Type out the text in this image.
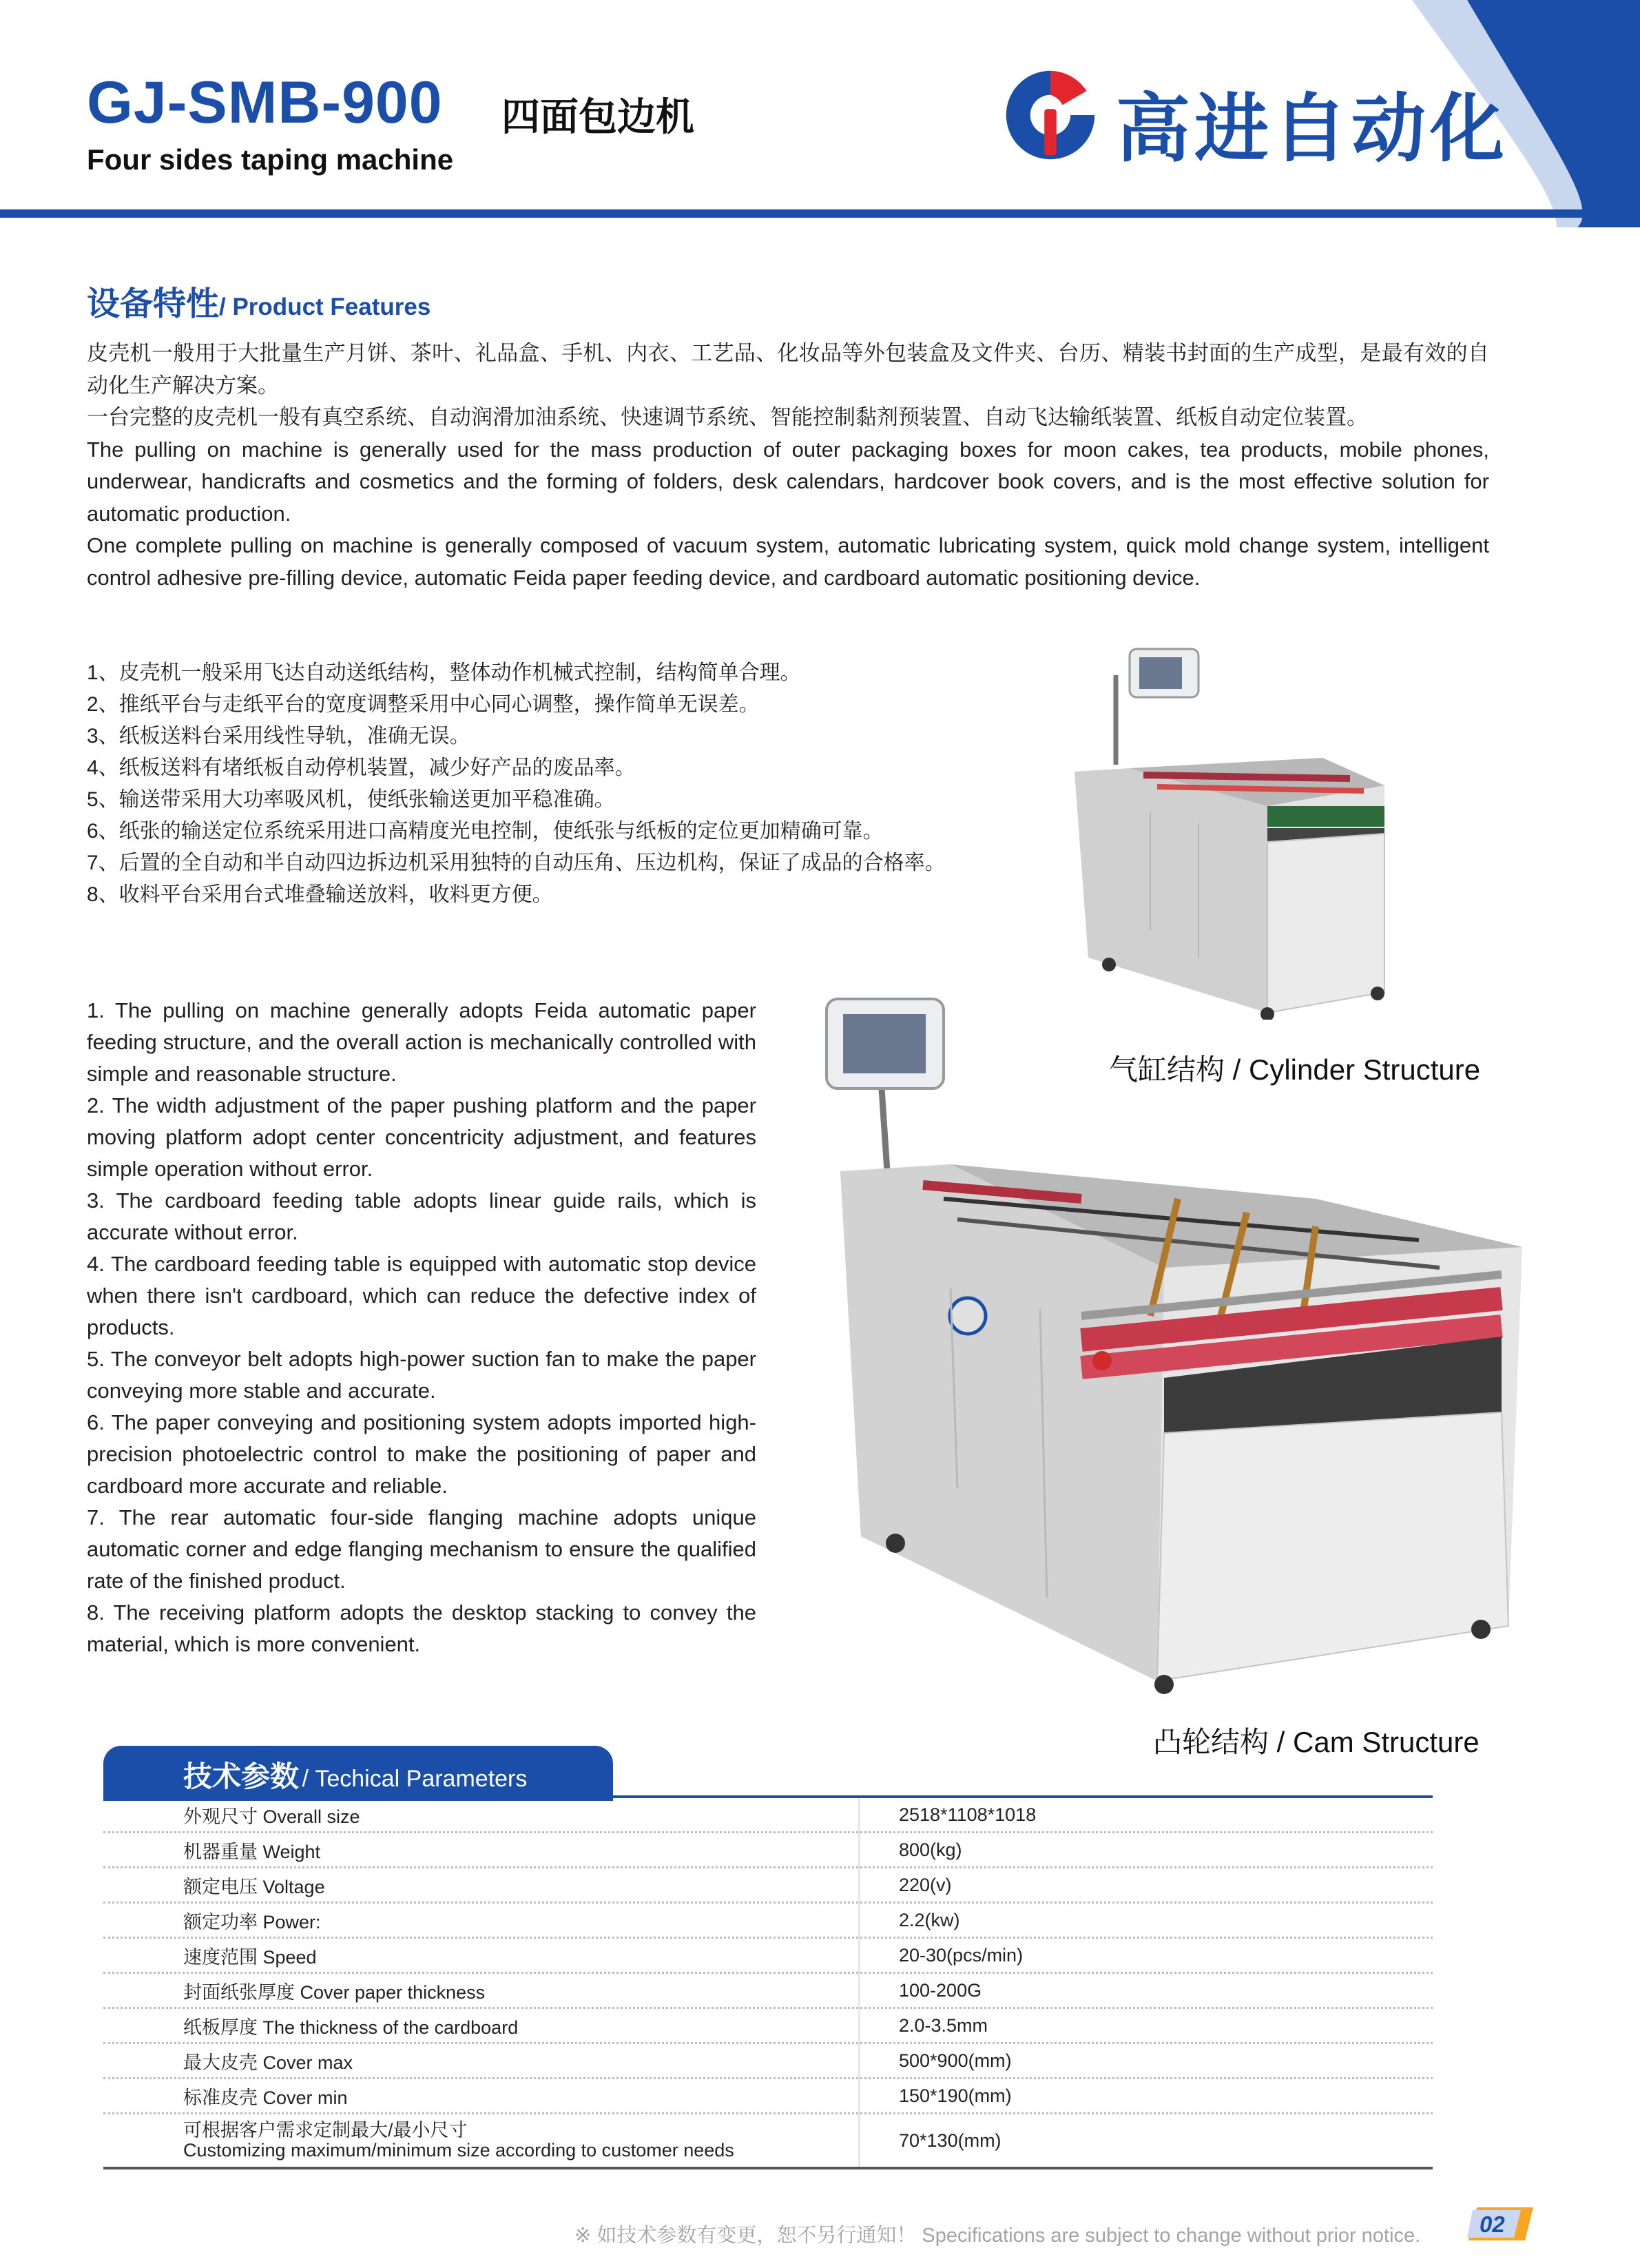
GJ-SMB-900 四面包边机
Four sides taping machine	高进自动化
设备特性/ Product Features

皮壳机一般用于大批量生产月饼、茶叶、礼品盒、手机、内衣、工艺品、化妆品等外包装盒及文件夹、台历、精装书封面的生产成型，是最有效的自动化生产解决方案。

一台完整的皮壳机一般有真空系统、自动润滑加油系统、快速调节系统、智能控制黏剂预装置、自动飞达输纸装置、纸板自动定位装置。

The pulling on machine is generally used for the mass production of outer packaging boxes for moon cakes, tea products, mobile phones, underwear, handicrafts and cosmetics and the forming of folders, desk calendars, hardcover book covers, and is the most effective solution for automatic production.

One complete pulling on machine is generally composed of vacuum system, automatic lubricating system, quick mold change system, intelligent control adhesive pre-filling device, automatic Feida paper feeding device, and cardboard automatic positioning device.

1、皮壳机一般采用飞达自动送纸结构，整体动作机械式控制，结构简单合理。
2、推纸平台与走纸平台的宽度调整采用中心同心调整，操作简单无误差。
3、纸板送料台采用线性导轨，准确无误。
4、纸板送料有堵纸板自动停机装置，减少好产品的废品率。
5、输送带采用大功率吸风机，使纸张输送更加平稳准确。
6、纸张的输送定位系统采用进口高精度光电控制，使纸张与纸板的定位更加精确可靠。
7、后置的全自动和半自动四边拆边机采用独特的自动压角、压边机构，保证了成品的合格率。
8、收料平台采用台式堆叠输送放料，收料更方便。

1. The pulling on machine generally adopts Feida automatic paper feeding structure, and the overall action is mechanically controlled with simple and reasonable structure.

2. The width adjustment of the paper pushing platform and the paper moving platform adopt center concentricity adjustment, and features simple operation without error.

3. The cardboard feeding table adopts linear guide rails, which is accurate without error.

4. The cardboard feeding table is equipped with automatic stop device when there isn't cardboard, which can reduce the defective index of products.

5. The conveyor belt adopts high-power suction fan to make the paper conveying more stable and accurate.

6. The paper conveying and positioning system adopts imported high-precision photoelectric control to make the positioning of paper and cardboard more accurate and reliable.

7. The rear automatic four-side flanging machine adopts unique automatic corner and edge flanging mechanism to ensure the qualified rate of the finished product.

8. The receiving platform adopts the desktop stacking to convey the material, which is more convenient.

气缸结构 / Cylinder Structure
凸轮结构 / Cam Structure
技术参数 / Techical Parameters
外观尺寸 Overall size	2518*1108*1018
机器重量 Weight	800(kg)
额定电压 Voltage	220(v)
额定功率 Power:	2.2(kw)
速度范围 Speed	20-30(pcs/min)
封面纸张厚度 Cover paper thickness	100-200G
纸板厚度 The thickness of the cardboard	2.0-3.5mm
最大皮壳 Cover max	500*900(mm)
标准皮壳 Cover min	150*190(mm)

可根据客户需求定制最大/最小尺寸
Customizing maximum/minimum size according to customer needs	70*130(mm)
※ 如技术参数有变更，恕不另行通知！ Specifications are subject to change without prior notice.	02
